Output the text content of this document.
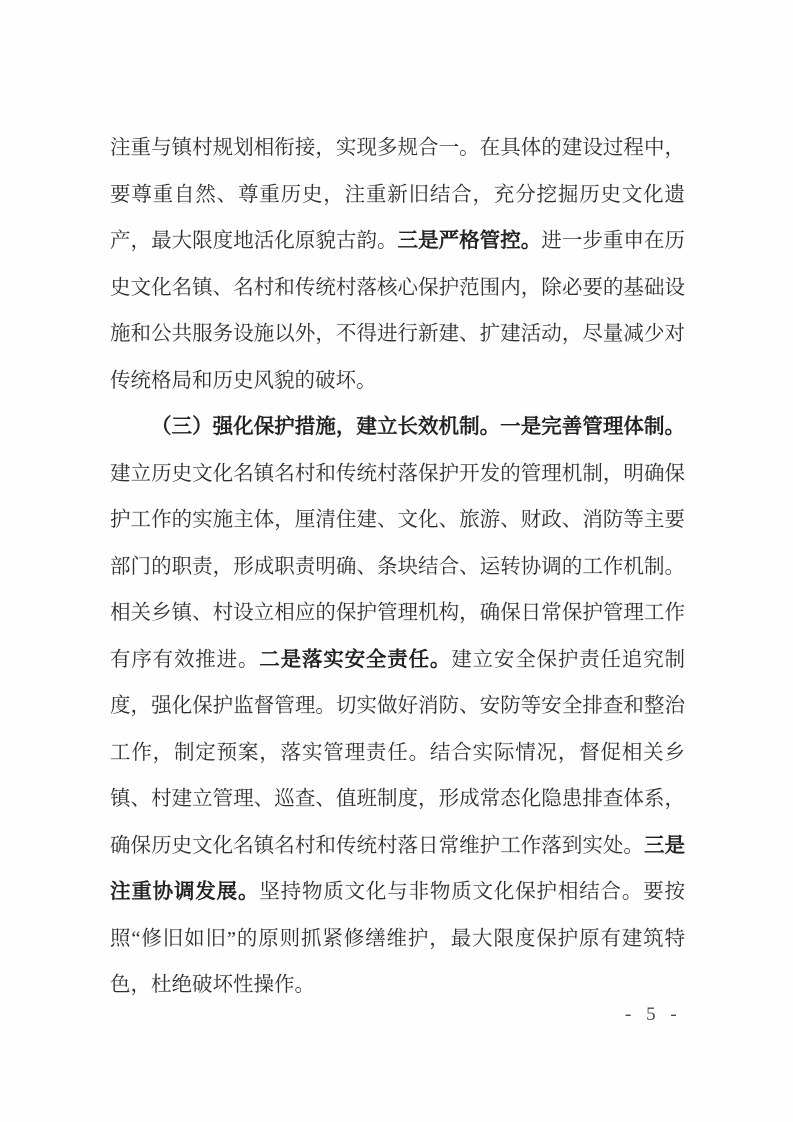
注重与镇村规划相衔接，实现多规合一。在具体的建设过程中，要尊重自然、尊重历史，注重新旧结合，充分挖掘历史文化遗产，最大限度地活化原貌古韵。三是严格管控。进一步重申在历史文化名镇、名村和传统村落核心保护范围内，除必要的基础设施和公共服务设施以外，不得进行新建、扩建活动，尽量减少对传统格局和历史风貌的破坏。

（三）强化保护措施，建立长效机制。一是完善管理体制。建立历史文化名镇名村和传统村落保护开发的管理机制，明确保护工作的实施主体，厘清住建、文化、旅游、财政、消防等主要部门的职责，形成职责明确、条块结合、运转协调的工作机制。相关乡镇、村设立相应的保护管理机构，确保日常保护管理工作有序有效推进。二是落实安全责任。建立安全保护责任追究制度，强化保护监督管理。切实做好消防、安防等安全排查和整治工作，制定预案，落实管理责任。结合实际情况，督促相关乡镇、村建立管理、巡查、值班制度，形成常态化隐患排查体系，确保历史文化名镇名村和传统村落日常维护工作落到实处。三是注重协调发展。坚持物质文化与非物质文化保护相结合。要按照“修旧如旧”的原则抓紧修缮维护，最大限度保护原有建筑特色，杜绝破坏性操作。

- 5 -
